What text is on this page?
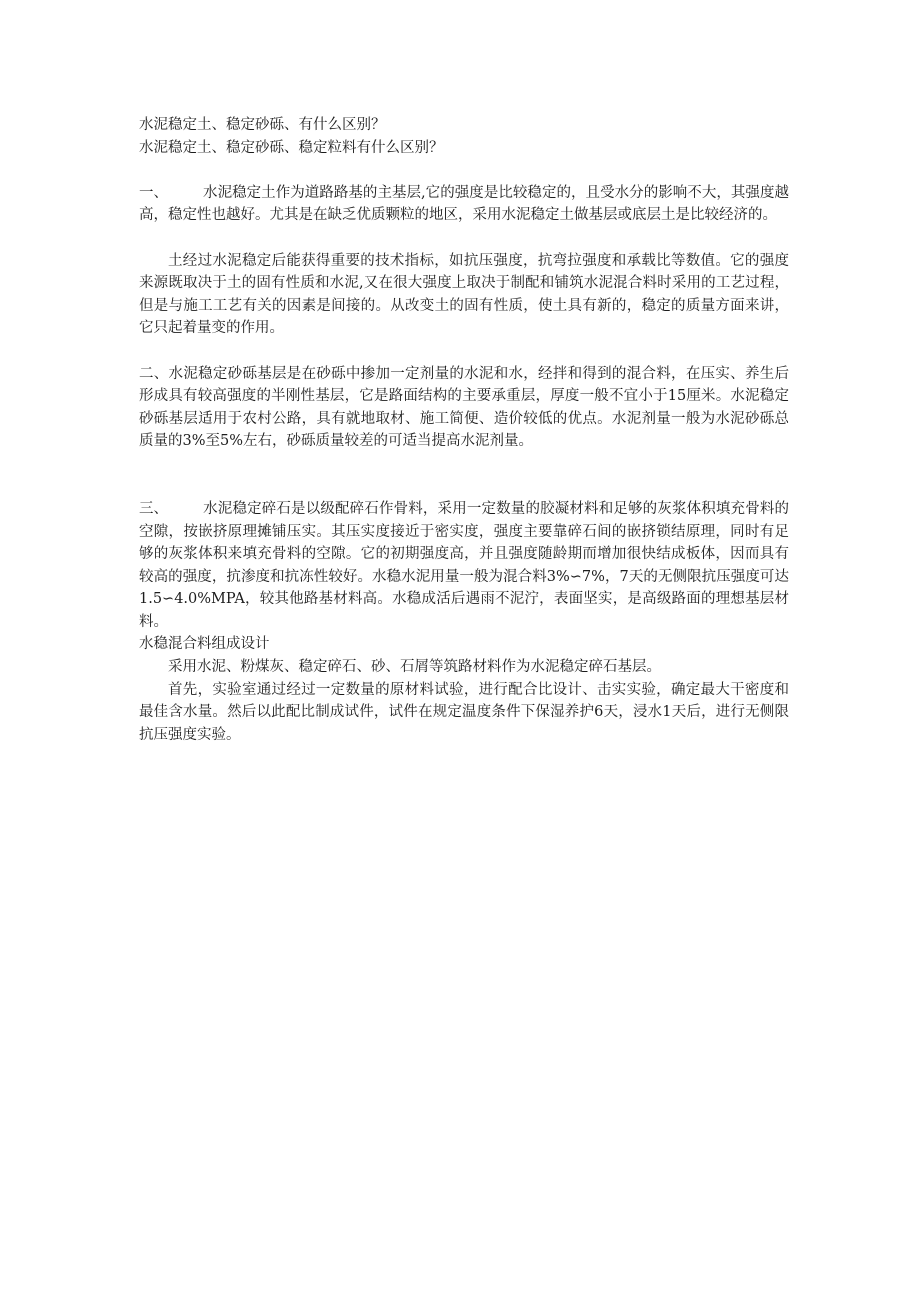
水泥稳定土、稳定砂砾、有什么区别？

水泥稳定土、稳定砂砾、稳定粒料有什么区别？

一、 水泥稳定土作为道路路基的主基层,它的强度是比较稳定的，且受水分的影响不大，其强度越高，稳定性也越好。尤其是在缺乏优质颗粒的地区，采用水泥稳定土做基层或底层土是比较经济的。

土经过水泥稳定后能获得重要的技术指标，如抗压强度，抗弯拉强度和承载比等数值。它的强度来源既取决于土的固有性质和水泥,又在很大强度上取决于制配和铺筑水泥混合料时采用的工艺过程，但是与施工工艺有关的因素是间接的。从改变土的固有性质，使土具有新的，稳定的质量方面来讲，它只起着量变的作用。

二、水泥稳定砂砾基层是在砂砾中掺加一定剂量的水泥和水，经拌和得到的混合料，在压实、养生后形成具有较高强度的半刚性基层，它是路面结构的主要承重层，厚度一般不宜小于15厘米。水泥稳定砂砾基层适用于农村公路，具有就地取材、施工简便、造价较低的优点。水泥剂量一般为水泥砂砾总质量的3%至5%左右，砂砾质量较差的可适当提高水泥剂量。

三、 水泥稳定碎石是以级配碎石作骨料，采用一定数量的胶凝材料和足够的灰浆体积填充骨料的空隙，按嵌挤原理摊铺压实。其压实度接近于密实度，强度主要靠碎石间的嵌挤锁结原理，同时有足够的灰浆体积来填充骨料的空隙。它的初期强度高，并且强度随龄期而增加很快结成板体，因而具有较高的强度，抗渗度和抗冻性较好。水稳水泥用量一般为混合料3%∽7%，7天的无侧限抗压强度可达1.5∽4.0%MPA，较其他路基材料高。水稳成活后遇雨不泥泞，表面坚实，是高级路面的理想基层材料。

水稳混合料组成设计

采用水泥、粉煤灰、稳定碎石、砂、石屑等筑路材料作为水泥稳定碎石基层。

首先，实验室通过经过一定数量的原材料试验，进行配合比设计、击实实验，确定最大干密度和最佳含水量。然后以此配比制成试件，试件在规定温度条件下保湿养护6天，浸水1天后，进行无侧限抗压强度实验。
